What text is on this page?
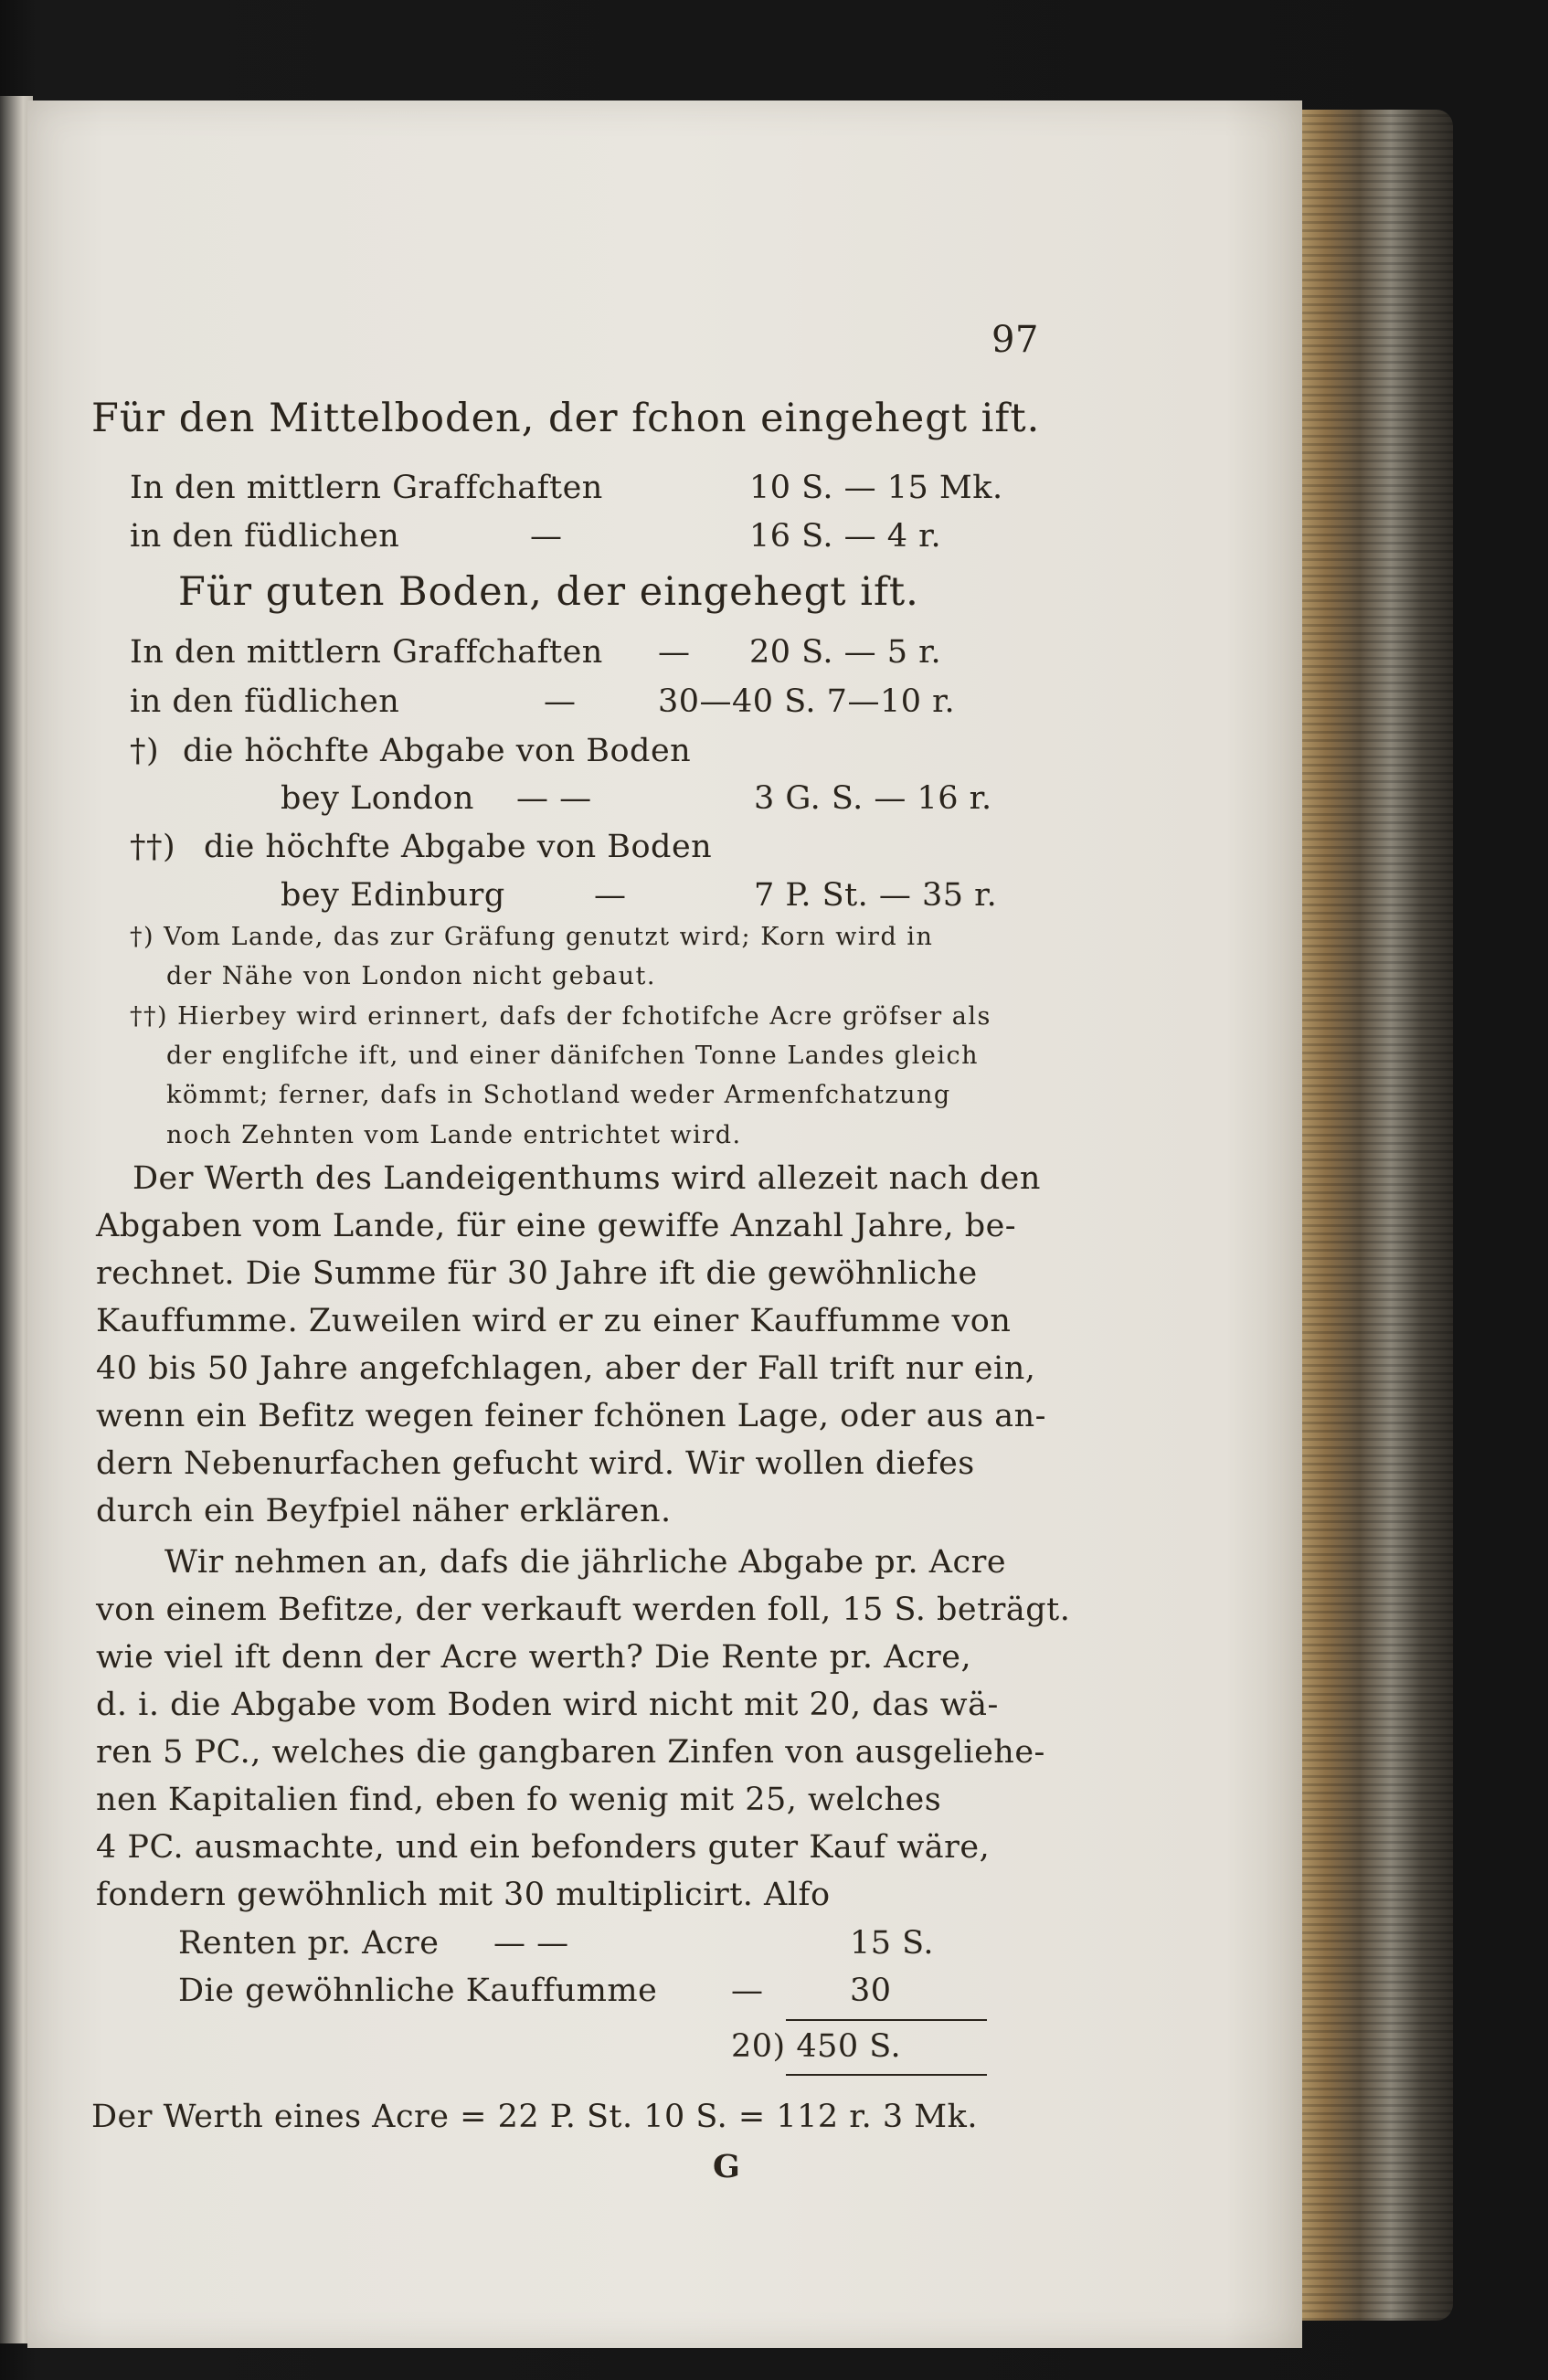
97

Für den Mittelboden, der fchon eingehegt ift.

In den mittlern Graffchaften	10 S. — 15 Mk.

in den füdlichen	—	16 S. — 4 r.

Für guten Boden, der eingehegt ift.

In den mittlern Graffchaften — 20 S. — 5 r.

in den füdlichen	—	30—40 S. 7—10 r.

†) die höchfte Abgabe von Boden

bey London — —	3 G. S. — 16 r.

††) die höchfte Abgabe von Boden

bey Edinburg	—	7 P. St. — 35 r.

†) Vom Lande, das zur Gräfung genutzt wird; Korn wird in

der Nähe von London nicht gebaut.

††) Hierbey wird erinnert, dafs der fchotifche Acre gröfser als

der englifche ift, und einer dänifchen Tonne Landes gleich

kömmt; ferner, dafs in Schotland weder Armenfchatzung

noch Zehnten vom Lande entrichtet wird.

Der Werth des Landeigenthums wird allezeit nach den

Abgaben vom Lande, für eine gewiffe Anzahl Jahre, be-

rechnet. Die Summe für 30 Jahre ift die gewöhnliche

Kauffumme. Zuweilen wird er zu einer Kauffumme von

40 bis 50 Jahre angefchlagen, aber der Fall trift nur ein,

wenn ein Befitz wegen feiner fchönen Lage, oder aus an-

dern Nebenurfachen gefucht wird. Wir wollen diefes

durch ein Beyfpiel näher erklären.

Wir nehmen an, dafs die jährliche Abgabe pr. Acre

von einem Befitze, der verkauft werden foll, 15 S. beträgt.

wie viel ift denn der Acre werth? Die Rente pr. Acre,

d. i. die Abgabe vom Boden wird nicht mit 20, das wä-

ren 5 PC., welches die gangbaren Zinfen von ausgeliehe-

nen Kapitalien find, eben fo wenig mit 25, welches

4 PC. ausmachte, und ein befonders guter Kauf wäre,

fondern gewöhnlich mit 30 multiplicirt. Alfo

Renten pr. Acre — —	15 S.

Die gewöhnliche Kauffumme —	30

20) 450 S.

Der Werth eines Acre = 22 P. St. 10 S. = 112 r. 3 Mk.

G
